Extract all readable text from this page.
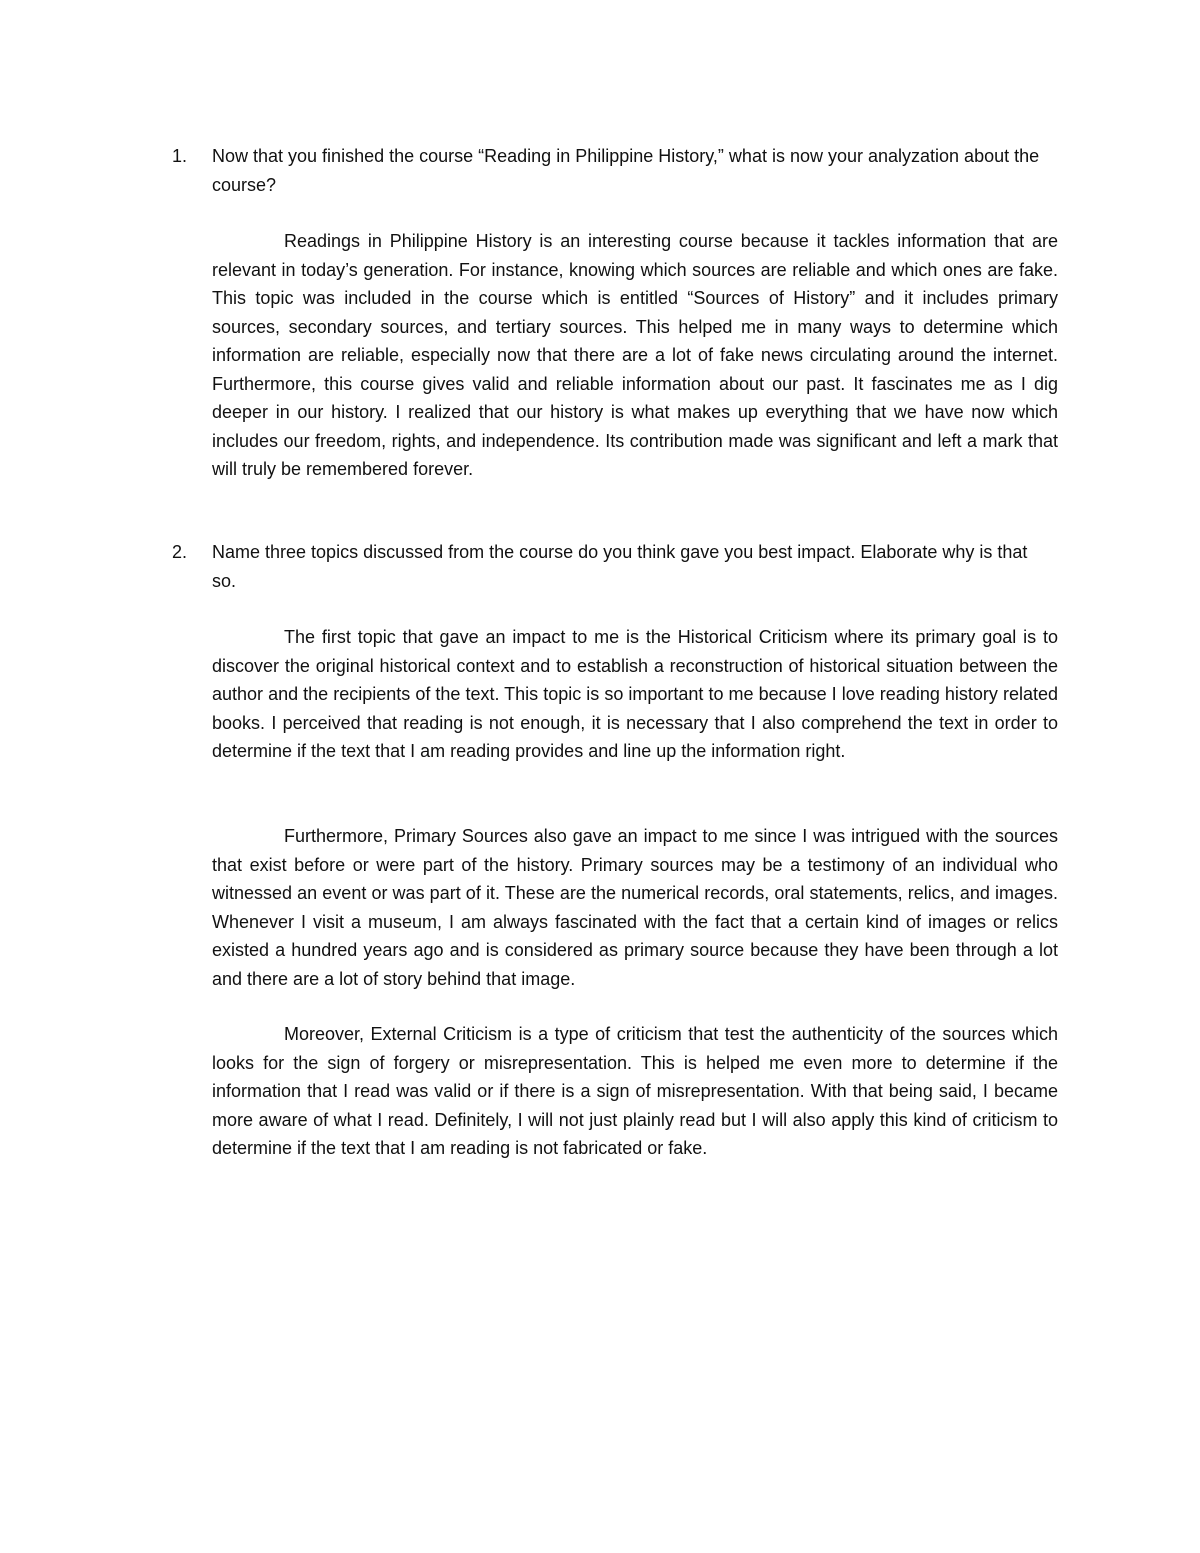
1. Now that you finished the course “Reading in Philippine History,” what is now your analyzation about the course?

Readings in Philippine History is an interesting course because it tackles information that are relevant in today’s generation. For instance, knowing which sources are reliable and which ones are fake. This topic was included in the course which is entitled “Sources of History” and it includes primary sources, secondary sources, and tertiary sources. This helped me in many ways to determine which information are reliable, especially now that there are a lot of fake news circulating around the internet. Furthermore, this course gives valid and reliable information about our past. It fascinates me as I dig deeper in our history. I realized that our history is what makes up everything that we have now which includes our freedom, rights, and independence. Its contribution made was significant and left a mark that will truly be remembered forever.

2. Name three topics discussed from the course do you think gave you best impact. Elaborate why is that so.

The first topic that gave an impact to me is the Historical Criticism where its primary goal is to discover the original historical context and to establish a reconstruction of historical situation between the author and the recipients of the text. This topic is so important to me because I love reading history related books. I perceived that reading is not enough, it is necessary that I also comprehend the text in order to determine if the text that I am reading provides and line up the information right.

Furthermore, Primary Sources also gave an impact to me since I was intrigued with the sources that exist before or were part of the history. Primary sources may be a testimony of an individual who witnessed an event or was part of it. These are the numerical records, oral statements, relics, and images. Whenever I visit a museum, I am always fascinated with the fact that a certain kind of images or relics existed a hundred years ago and is considered as primary source because they have been through a lot and there are a lot of story behind that image.

Moreover, External Criticism is a type of criticism that test the authenticity of the sources which looks for the sign of forgery or misrepresentation. This is helped me even more to determine if the information that I read was valid or if there is a sign of misrepresentation. With that being said, I became more aware of what I read. Definitely, I will not just plainly read but I will also apply this kind of criticism to determine if the text that I am reading is not fabricated or fake.
